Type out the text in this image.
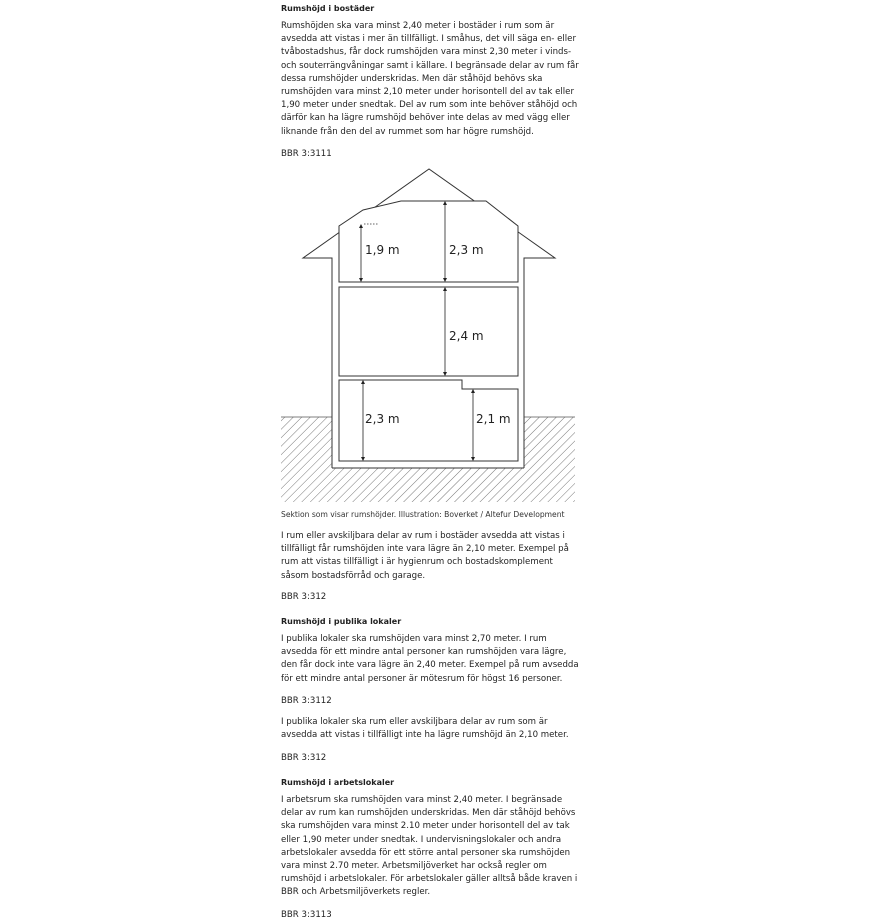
Rumshöjd i bostäder

Rumshöjden ska vara minst 2,40 meter i bostäder i rum som är avsedda att vistas i mer än tillfälligt. I småhus, det vill säga en- eller tvåbostadshus, får dock rumshöjden vara minst 2,30 meter i vinds- och souterrängvåningar samt i källare. I begränsade delar av rum får dessa rumshöjder underskridas. Men där ståhöjd behövs ska rumshöjden vara minst 2,10 meter under horisontell del av tak eller 1,90 meter under snedtak. Del av rum som inte behöver ståhöjd och därför kan ha lägre rumshöjd behöver inte delas av med vägg eller liknande från den del av rummet som har högre rumshöjd.

BBR 3:3111

1,9 m	2,3 m
2,4 m
2,3 m	2,1 m

Sektion som visar rumshöjder. Illustration: Boverket / Altefur Development

I rum eller avskiljbara delar av rum i bostäder avsedda att vistas i tillfälligt får rumshöjden inte vara lägre än 2,10 meter. Exempel på rum att vistas tillfälligt i är hygienrum och bostadskomplement såsom bostadsförråd och garage.

BBR 3:312

Rumshöjd i publika lokaler

I publika lokaler ska rumshöjden vara minst 2,70 meter. I rum avsedda för ett mindre antal personer kan rumshöjden vara lägre, den får dock inte vara lägre än 2,40 meter. Exempel på rum avsedda för ett mindre antal personer är mötesrum för högst 16 personer.

BBR 3:3112

I publika lokaler ska rum eller avskiljbara delar av rum som är avsedda att vistas i tillfälligt inte ha lägre rumshöjd än 2,10 meter.

BBR 3:312

Rumshöjd i arbetslokaler

I arbetsrum ska rumshöjden vara minst 2,40 meter. I begränsade delar av rum kan rumshöjden underskridas. Men där ståhöjd behövs ska rumshöjden vara minst 2.10 meter under horisontell del av tak eller 1,90 meter under snedtak. I undervisningslokaler och andra arbetslokaler avsedda för ett större antal personer ska rumshöjden vara minst 2.70 meter. Arbetsmiljöverket har också regler om rumshöjd i arbetslokaler. För arbetslokaler gäller alltså både kraven i BBR och Arbetsmiljöverkets regler.

BBR 3:3113
